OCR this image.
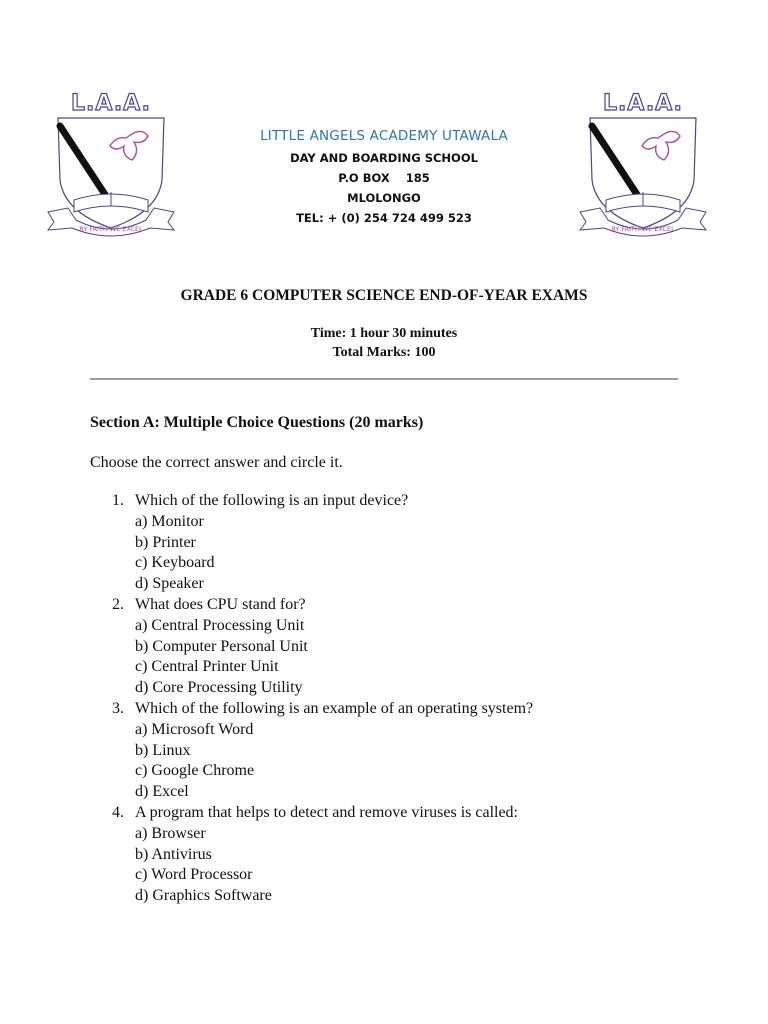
L.A.A.
BY FAITH WE EXCEL
L.A.A.
BY FAITH WE EXCEL
LITTLE ANGELS ACADEMY UTAWALA
DAY AND BOARDING SCHOOL
P.O BOX    185
MLOLONGO
TEL: + (0) 254 724 499 523
GRADE 6 COMPUTER SCIENCE END-OF-YEAR EXAMS
Time: 1 hour 30 minutes
Total Marks: 100
Section A: Multiple Choice Questions (20 marks)
Choose the correct answer and circle it.
1. Which of the following is an input device?
a) Monitor
b) Printer
c) Keyboard
d) Speaker
2. What does CPU stand for?
a) Central Processing Unit
b) Computer Personal Unit
c) Central Printer Unit
d) Core Processing Utility
3. Which of the following is an example of an operating system?
a) Microsoft Word
b) Linux
c) Google Chrome
d) Excel
4. A program that helps to detect and remove viruses is called:
a) Browser
b) Antivirus
c) Word Processor
d) Graphics Software
